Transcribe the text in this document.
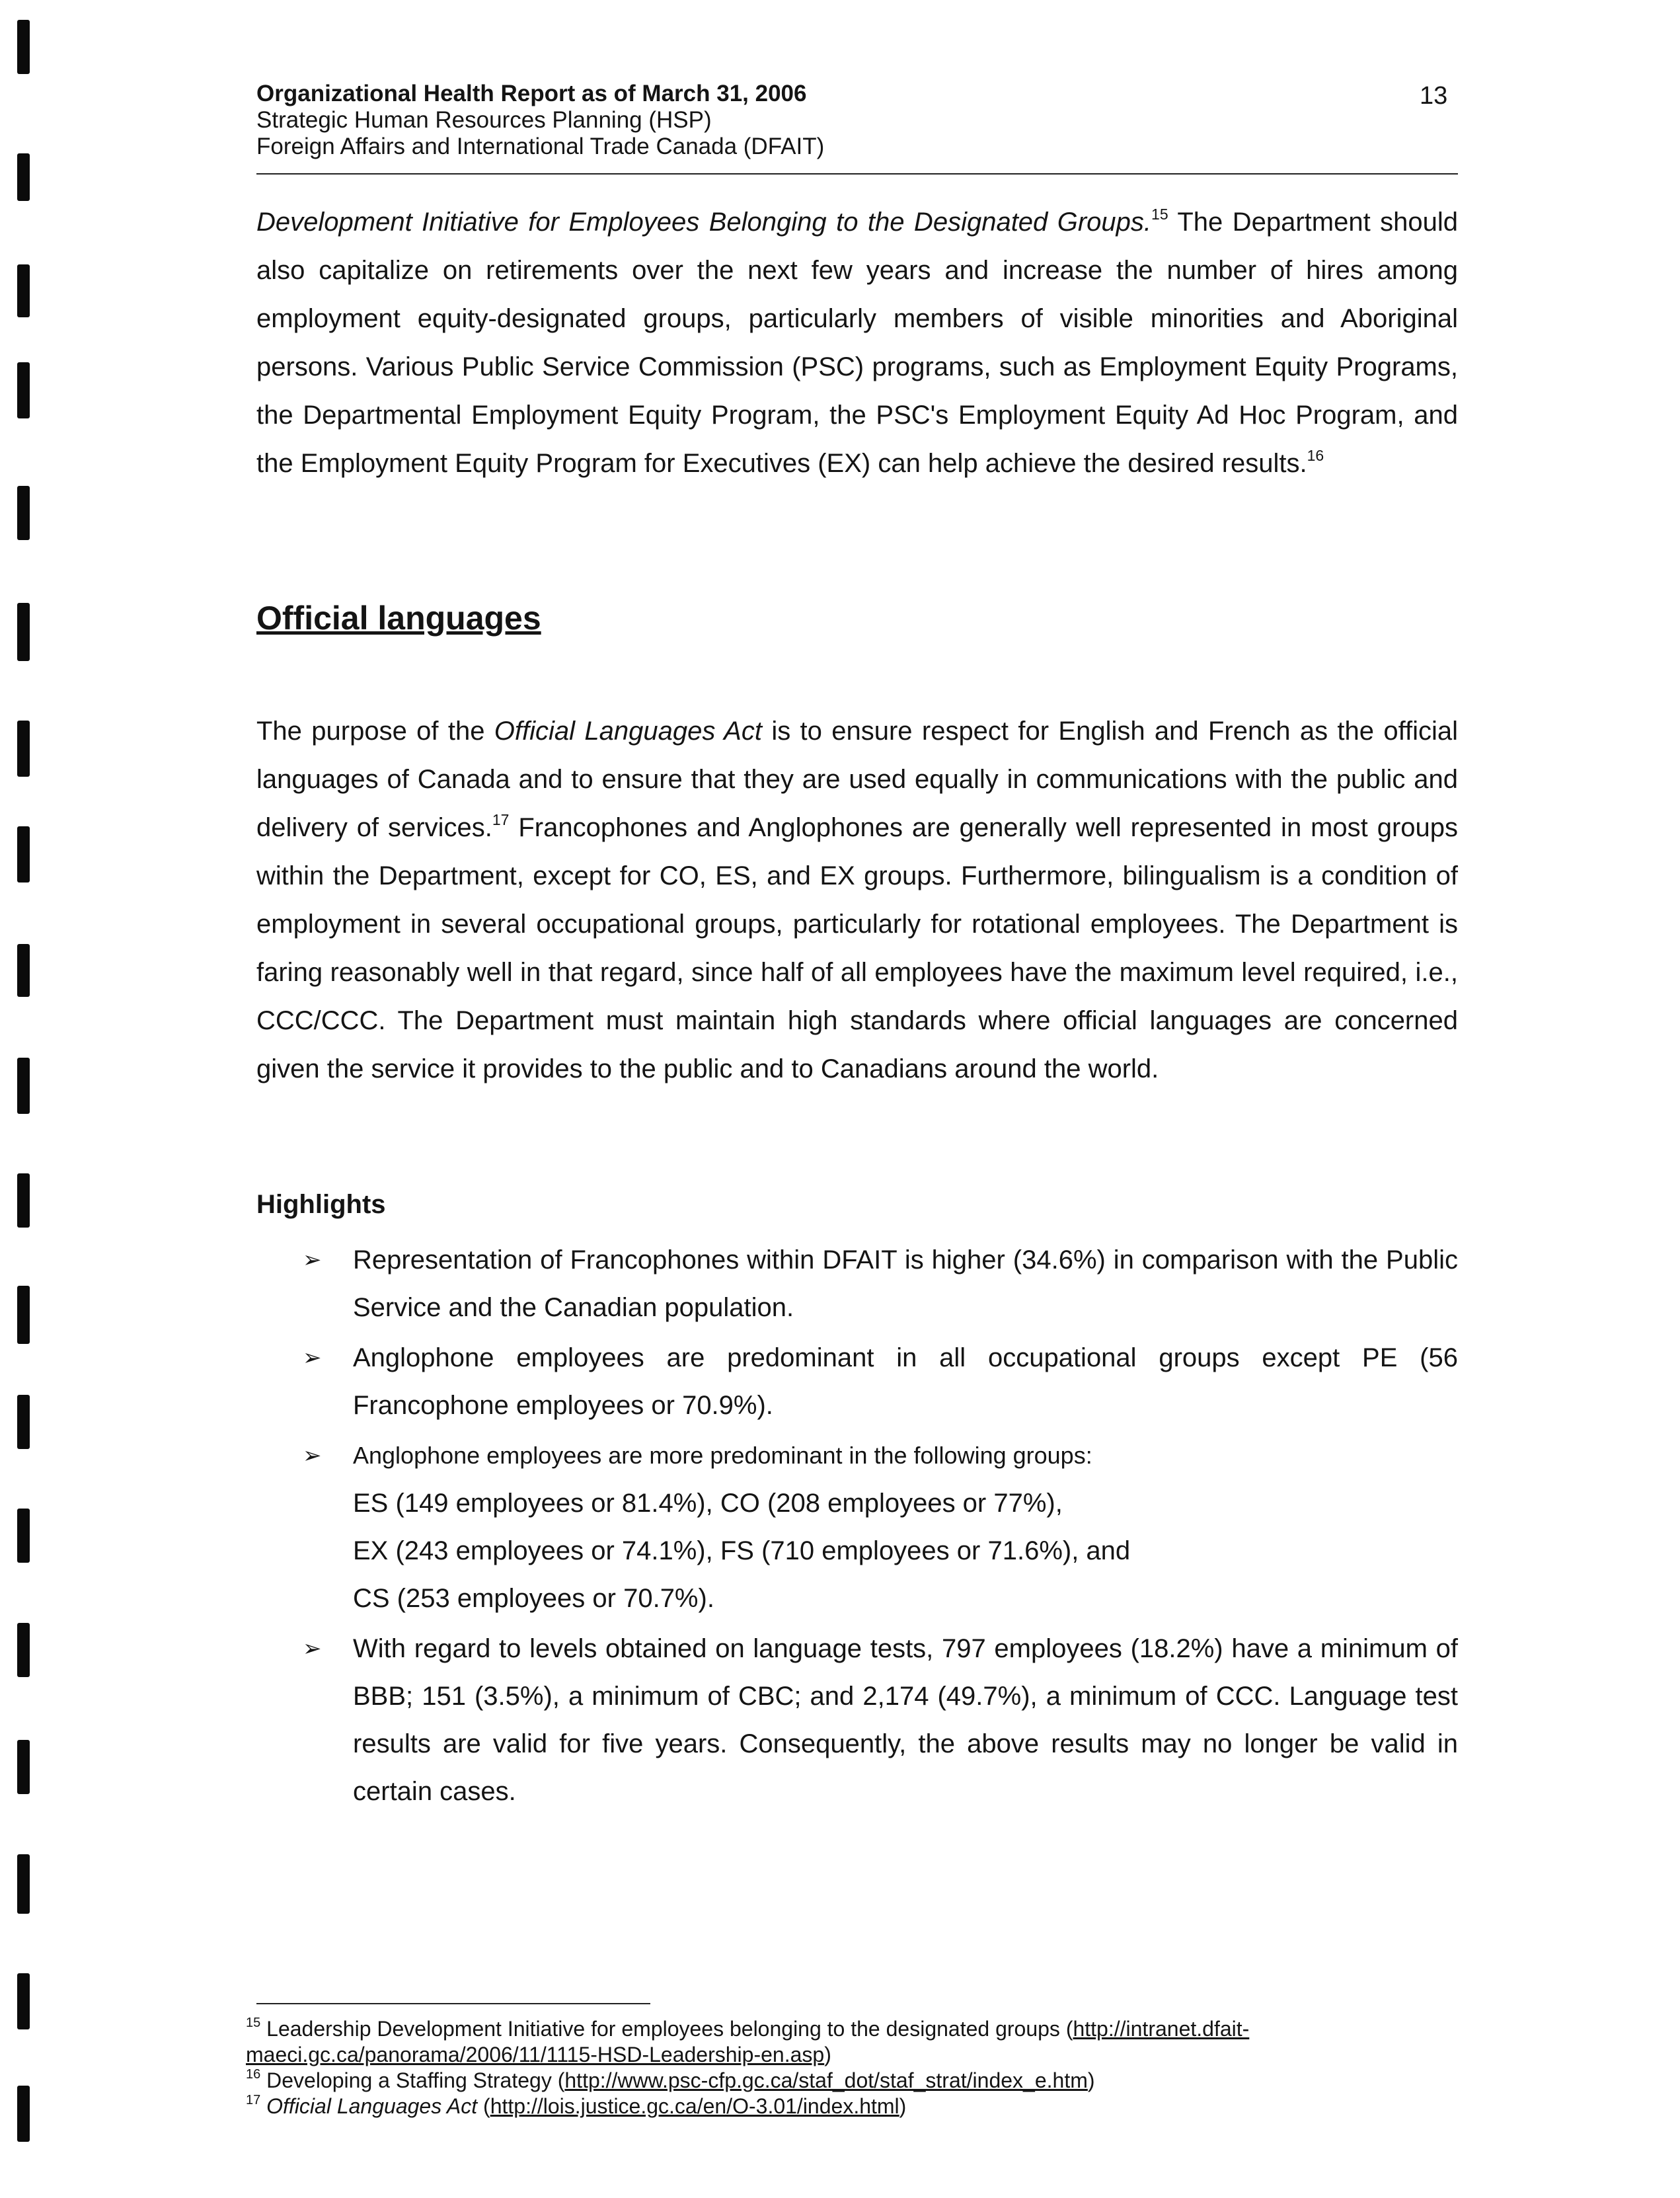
Organizational Health Report as of March 31, 2006
Strategic Human Resources Planning (HSP)
Foreign Affairs and International Trade Canada (DFAIT)
13

Development Initiative for Employees Belonging to the Designated Groups.$^{15}$ The Department should also capitalize on retirements over the next few years and increase the number of hires among employment equity-designated groups, particularly members of visible minorities and Aboriginal persons. Various Public Service Commission (PSC) programs, such as Employment Equity Programs, the Departmental Employment Equity Program, the PSC's Employment Equity Ad Hoc Program, and the Employment Equity Program for Executives (EX) can help achieve the desired results.$^{16}$

Official languages

The purpose of the Official Languages Act is to ensure respect for English and French as the official languages of Canada and to ensure that they are used equally in communications with the public and delivery of services.$^{17}$ Francophones and Anglophones are generally well represented in most groups within the Department, except for CO, ES, and EX groups. Furthermore, bilingualism is a condition of employment in several occupational groups, particularly for rotational employees. The Department is faring reasonably well in that regard, since half of all employees have the maximum level required, i.e., CCC/CCC. The Department must maintain high standards where official languages are concerned given the service it provides to the public and to Canadians around the world.

Highlights
➢ Representation of Francophones within DFAIT is higher (34.6%) in comparison with the Public Service and the Canadian population.
➢ Anglophone employees are predominant in all occupational groups except PE (56 Francophone employees or 70.9%).
➢ Anglophone employees are more predominant in the following groups:
ES (149 employees or 81.4%), CO (208 employees or 77%),
EX (243 employees or 74.1%), FS (710 employees or 71.6%), and
CS (253 employees or 70.7%).
➢ With regard to levels obtained on language tests, 797 employees (18.2%) have a minimum of BBB; 151 (3.5%), a minimum of CBC; and 2,174 (49.7%), a minimum of CCC. Language test results are valid for five years. Consequently, the above results may no longer be valid in certain cases.
$^{15}$ Leadership Development Initiative for employees belonging to the designated groups (http://intranet.dfait-maeci.gc.ca/panorama/2006/11/1115-HSD-Leadership-en.asp)
$^{16}$ Developing a Staffing Strategy (http://www.psc-cfp.gc.ca/staf_dot/staf_strat/index_e.htm)
$^{17}$ Official Languages Act (http://lois.justice.gc.ca/en/O-3.01/index.html)
